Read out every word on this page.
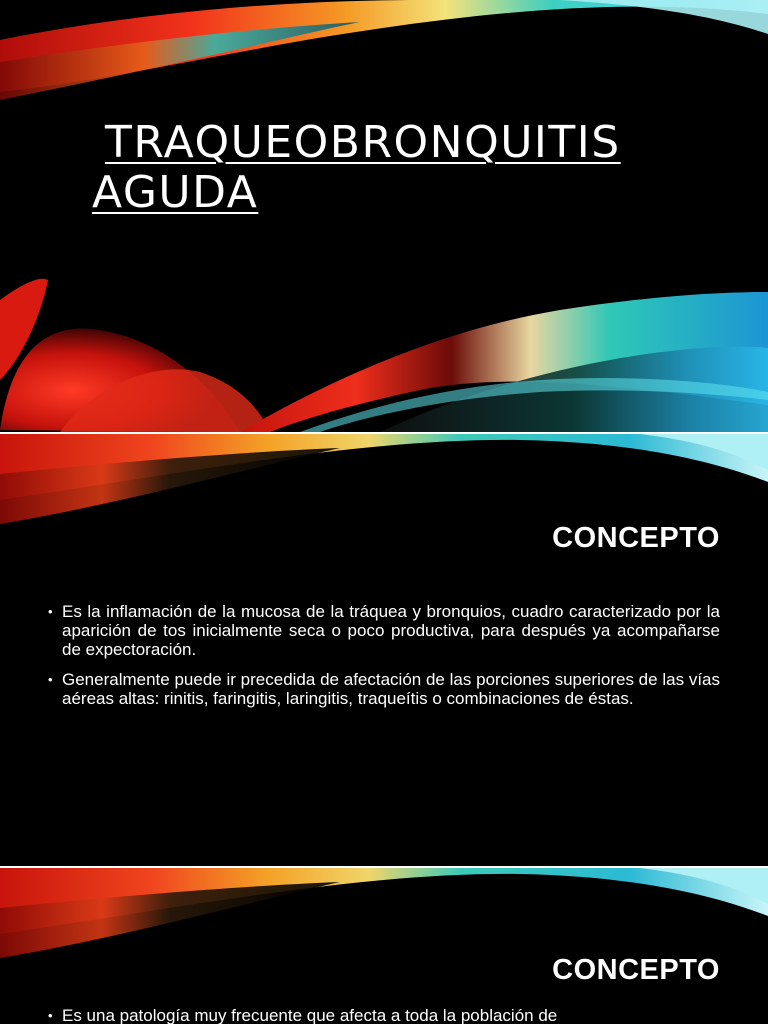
TRAQUEOBRONQUITIS
AGUDA
CONCEPTO
• Es la inflamación de la mucosa de la tráquea y bronquios, cuadro caracterizado por la aparición de tos inicialmente seca o poco productiva, para después ya acompañarse de expectoración.
• Generalmente puede ir precedida de afectación de las porciones superiores de las vías aéreas altas: rinitis, faringitis, laringitis, traqueítis o combinaciones de éstas.
CONCEPTO
• Es una patología muy frecuente que afecta a toda la población de
